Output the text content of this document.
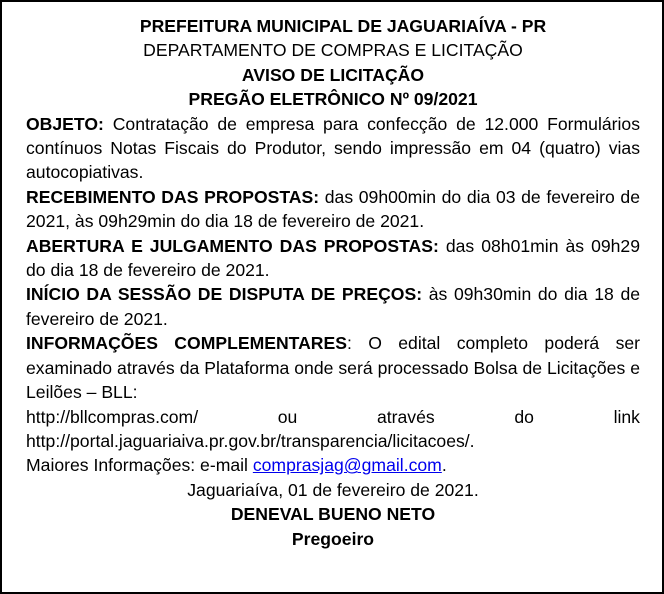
PREFEITURA MUNICIPAL DE JAGUARIAÍVA - PR
DEPARTAMENTO DE COMPRAS E LICITAÇÃO
AVISO DE LICITAÇÃO
PREGÃO ELETRÔNICO Nº 09/2021

OBJETO: Contratação de empresa para confecção de 12.000 Formulários contínuos Notas Fiscais do Produtor, sendo impressão em 04 (quatro) vias autocopiativas.

RECEBIMENTO DAS PROPOSTAS: das 09h00min do dia 03 de fevereiro de 2021, às 09h29min do dia 18 de fevereiro de 2021.

ABERTURA E JULGAMENTO DAS PROPOSTAS: das 08h01min às 09h29 do dia 18 de fevereiro de 2021.

INÍCIO DA SESSÃO DE DISPUTA DE PREÇOS: às 09h30min do dia 18 de fevereiro de 2021.

INFORMAÇÕES COMPLEMENTARES: O edital completo poderá ser examinado através da Plataforma onde será processado Bolsa de Licitações e Leilões – BLL:

http://bllcompras.com/	ou	através	do	link
http://portal.jaguariaiva.pr.gov.br/transparencia/licitacoes/.
Maiores Informações: e-mail comprasjag@gmail.com.
Jaguariaíva, 01 de fevereiro de 2021.
DENEVAL BUENO NETO
Pregoeiro
